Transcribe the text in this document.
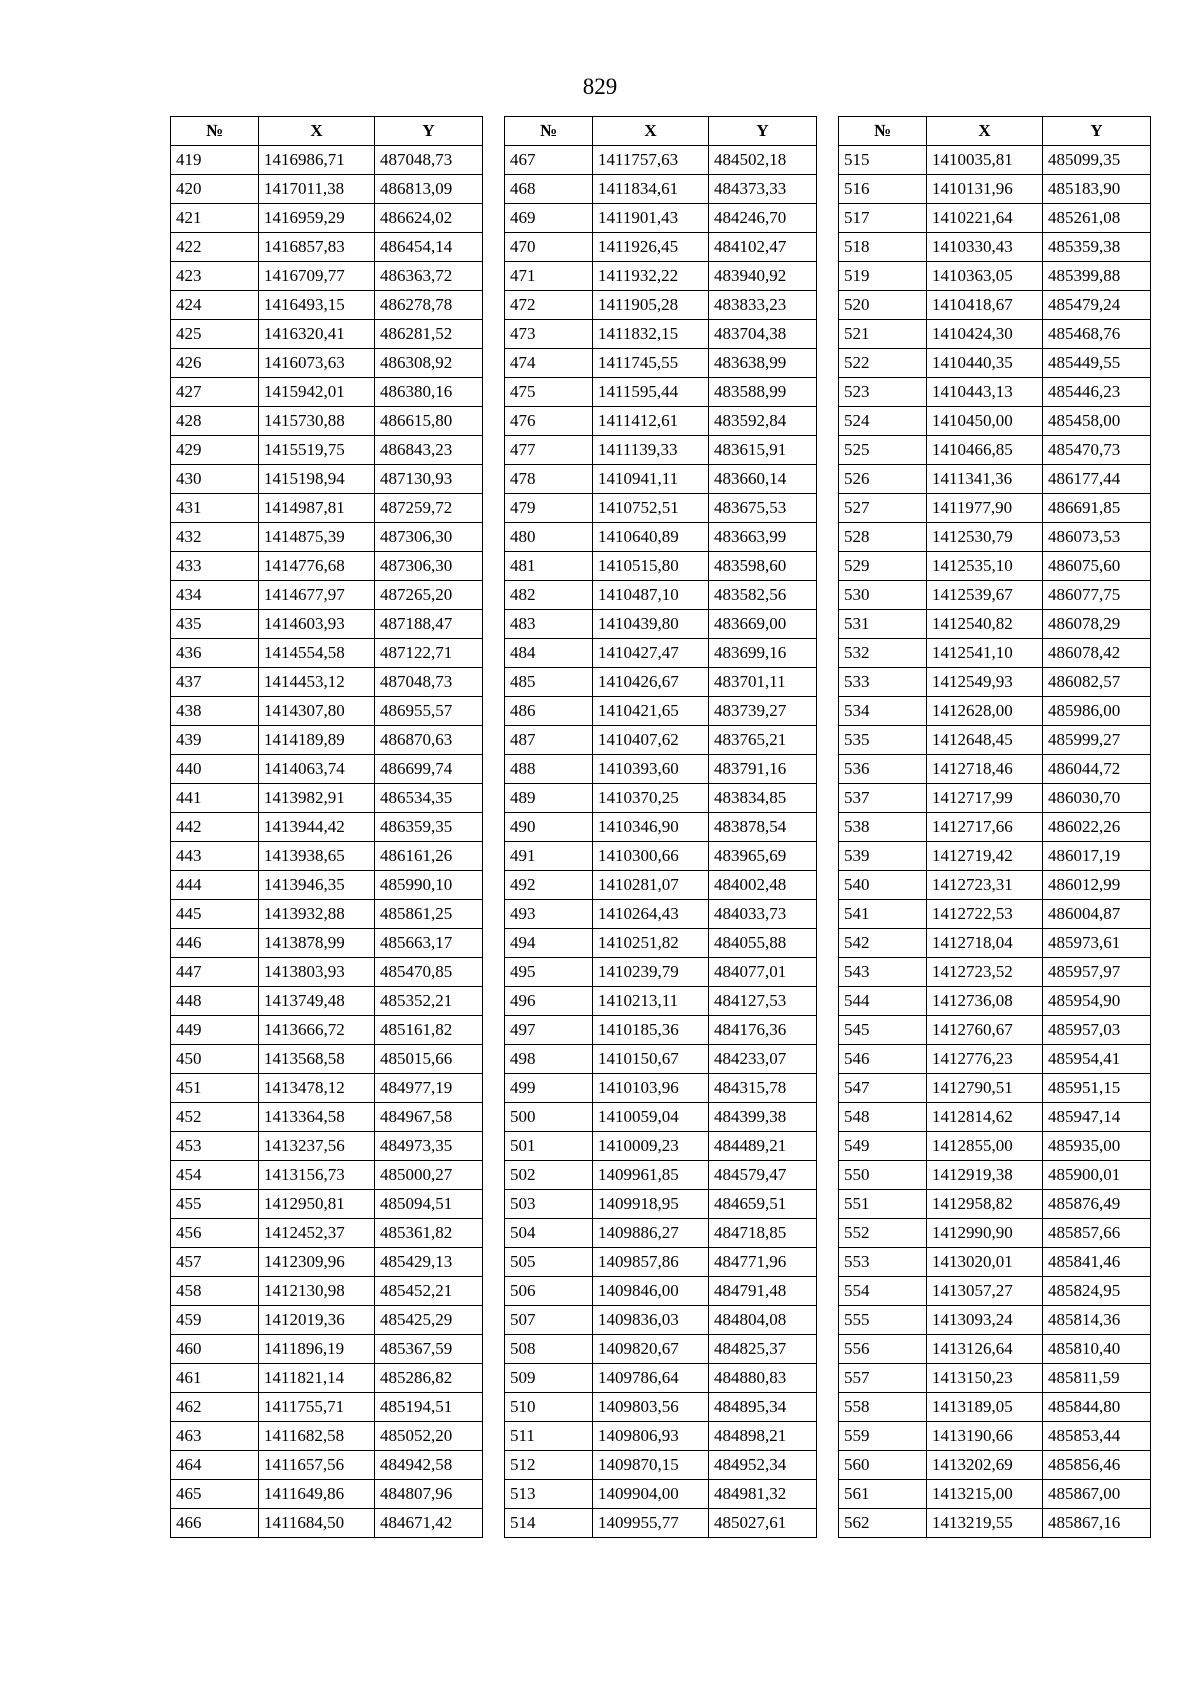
829
№	X	Y
419	1416986,71	487048,73
420	1417011,38	486813,09
421	1416959,29	486624,02
422	1416857,83	486454,14
423	1416709,77	486363,72
424	1416493,15	486278,78
425	1416320,41	486281,52
426	1416073,63	486308,92
427	1415942,01	486380,16
428	1415730,88	486615,80
429	1415519,75	486843,23
430	1415198,94	487130,93
431	1414987,81	487259,72
432	1414875,39	487306,30
433	1414776,68	487306,30
434	1414677,97	487265,20
435	1414603,93	487188,47
436	1414554,58	487122,71
437	1414453,12	487048,73
438	1414307,80	486955,57
439	1414189,89	486870,63
440	1414063,74	486699,74
441	1413982,91	486534,35
442	1413944,42	486359,35
443	1413938,65	486161,26
444	1413946,35	485990,10
445	1413932,88	485861,25
446	1413878,99	485663,17
447	1413803,93	485470,85
448	1413749,48	485352,21
449	1413666,72	485161,82
450	1413568,58	485015,66
451	1413478,12	484977,19
452	1413364,58	484967,58
453	1413237,56	484973,35
454	1413156,73	485000,27
455	1412950,81	485094,51
456	1412452,37	485361,82
457	1412309,96	485429,13
458	1412130,98	485452,21
459	1412019,36	485425,29
460	1411896,19	485367,59
461	1411821,14	485286,82
462	1411755,71	485194,51
463	1411682,58	485052,20
464	1411657,56	484942,58
465	1411649,86	484807,96
466	1411684,50	484671,42
№	X	Y
467	1411757,63	484502,18
468	1411834,61	484373,33
469	1411901,43	484246,70
470	1411926,45	484102,47
471	1411932,22	483940,92
472	1411905,28	483833,23
473	1411832,15	483704,38
474	1411745,55	483638,99
475	1411595,44	483588,99
476	1411412,61	483592,84
477	1411139,33	483615,91
478	1410941,11	483660,14
479	1410752,51	483675,53
480	1410640,89	483663,99
481	1410515,80	483598,60
482	1410487,10	483582,56
483	1410439,80	483669,00
484	1410427,47	483699,16
485	1410426,67	483701,11
486	1410421,65	483739,27
487	1410407,62	483765,21
488	1410393,60	483791,16
489	1410370,25	483834,85
490	1410346,90	483878,54
491	1410300,66	483965,69
492	1410281,07	484002,48
493	1410264,43	484033,73
494	1410251,82	484055,88
495	1410239,79	484077,01
496	1410213,11	484127,53
497	1410185,36	484176,36
498	1410150,67	484233,07
499	1410103,96	484315,78
500	1410059,04	484399,38
501	1410009,23	484489,21
502	1409961,85	484579,47
503	1409918,95	484659,51
504	1409886,27	484718,85
505	1409857,86	484771,96
506	1409846,00	484791,48
507	1409836,03	484804,08
508	1409820,67	484825,37
509	1409786,64	484880,83
510	1409803,56	484895,34
511	1409806,93	484898,21
512	1409870,15	484952,34
513	1409904,00	484981,32
514	1409955,77	485027,61
№	X	Y
515	1410035,81	485099,35
516	1410131,96	485183,90
517	1410221,64	485261,08
518	1410330,43	485359,38
519	1410363,05	485399,88
520	1410418,67	485479,24
521	1410424,30	485468,76
522	1410440,35	485449,55
523	1410443,13	485446,23
524	1410450,00	485458,00
525	1410466,85	485470,73
526	1411341,36	486177,44
527	1411977,90	486691,85
528	1412530,79	486073,53
529	1412535,10	486075,60
530	1412539,67	486077,75
531	1412540,82	486078,29
532	1412541,10	486078,42
533	1412549,93	486082,57
534	1412628,00	485986,00
535	1412648,45	485999,27
536	1412718,46	486044,72
537	1412717,99	486030,70
538	1412717,66	486022,26
539	1412719,42	486017,19
540	1412723,31	486012,99
541	1412722,53	486004,87
542	1412718,04	485973,61
543	1412723,52	485957,97
544	1412736,08	485954,90
545	1412760,67	485957,03
546	1412776,23	485954,41
547	1412790,51	485951,15
548	1412814,62	485947,14
549	1412855,00	485935,00
550	1412919,38	485900,01
551	1412958,82	485876,49
552	1412990,90	485857,66
553	1413020,01	485841,46
554	1413057,27	485824,95
555	1413093,24	485814,36
556	1413126,64	485810,40
557	1413150,23	485811,59
558	1413189,05	485844,80
559	1413190,66	485853,44
560	1413202,69	485856,46
561	1413215,00	485867,00
562	1413219,55	485867,16
